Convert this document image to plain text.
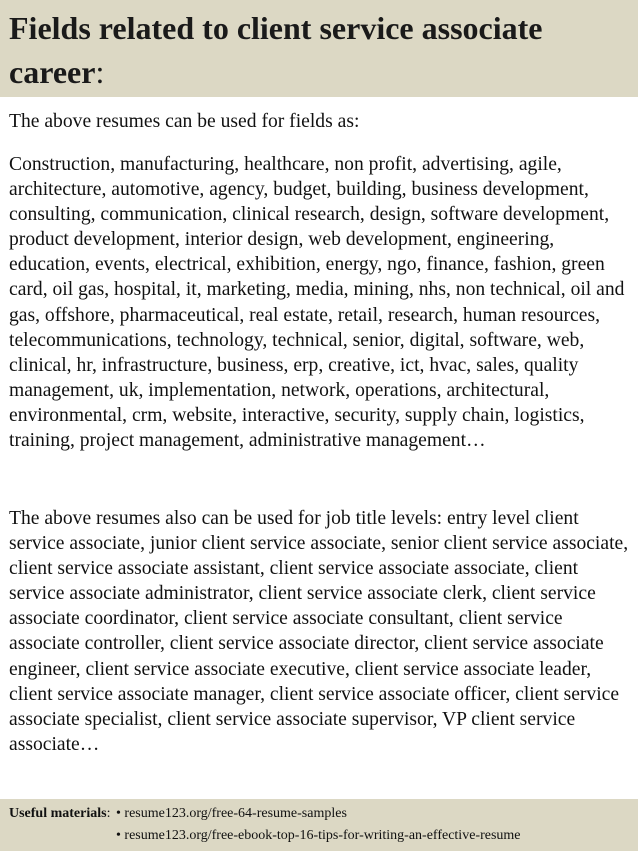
Fields related to client service associate career:

The above resumes can be used for fields as:

Construction, manufacturing, healthcare, non profit, advertising, agile, architecture, automotive, agency, budget, building, business development, consulting, communication, clinical research, design, software development, product development, interior design, web development, engineering, education, events, electrical, exhibition, energy, ngo, finance, fashion, green card, oil gas, hospital, it, marketing, media, mining, nhs, non technical, oil and gas, offshore, pharmaceutical, real estate, retail, research, human resources, telecommunications, technology, technical, senior, digital, software, web, clinical, hr, infrastructure, business, erp, creative, ict, hvac, sales, quality management, uk, implementation, network, operations, architectural, environmental, crm, website, interactive, security, supply chain, logistics, training, project management, administrative management…

The above resumes also can be used for job title levels: entry level client service associate, junior client service associate, senior client service associate, client service associate assistant, client service associate associate, client service associate administrator, client service associate clerk, client service associate coordinator, client service associate consultant, client service associate controller, client service associate director, client service associate engineer, client service associate executive, client service associate leader, client service associate manager, client service associate officer, client service associate specialist, client service associate supervisor, VP client service associate…

Useful materials: • resume123.org/free-64-resume-samples
• resume123.org/free-ebook-top-16-tips-for-writing-an-effective-resume
